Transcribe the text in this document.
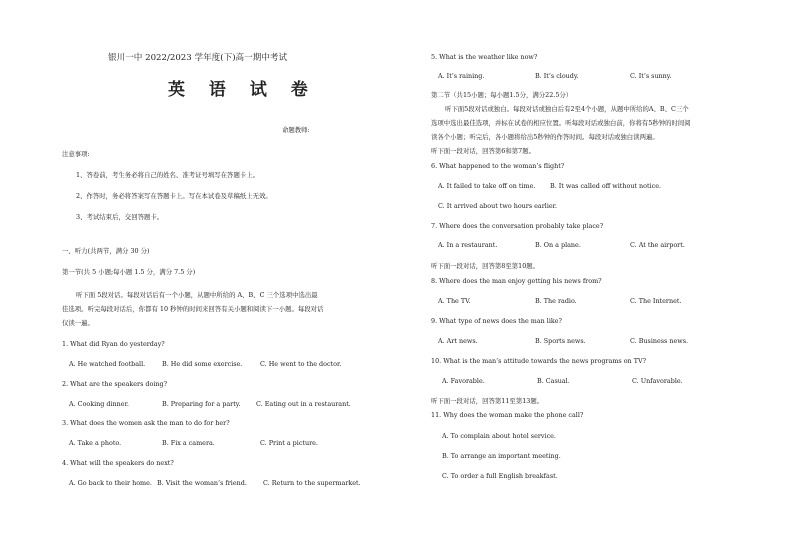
银川一中 2022/2023 学年度(下)高一期中考试
英 语 试 卷
命题教师:
注意事项:
1、答卷前，考生务必将自己的姓名、准考证号填写在答题卡上。
2、作答时，务必将答案写在答题卡上。写在本试卷及草稿纸上无效。
3、考试结束后，交回答题卡。
一、听力(共两节，满分 30 分)
第一节(共 5 小题;每小题 1.5 分，满分 7.5 分)
听下面 5段对话。每段对话后有一个小题，从题中所给的 A、B、C 三个选项中选出最
佳选项。听完每段对话后，你都有 10 秒钟的时间来回答有关小题和阅读下一小题。每段对话
仅读一遍。
1. What did Ryan do yesterday?
A. He watched football.	B. He did some exercise.	C. He went to the doctor.
2. What are the speakers doing?
A. Cooking dinner.	B. Preparing for a party. C. Eating out in a restaurant.
3. What does the women ask the man to do for her?
A. Take a photo.	B. Fix a camera.	C. Print a picture.
4. What will the speakers do next?
A. Go back to their home. B. Visit the woman’s friend.	C. Return to the supermarket.
5. What is the weather like now?
A. It’s raining.	B. It’s cloudy.	C. It’s sunny.
第二节（共15小题；每小题1.5分，满分22.5分）
听下面5段对话或独白。每段对话或独白后有2至4个小题，从题中所给的A、B、C三个
选项中选出最佳选项，并标在试卷的相应位置。听每段对话或独白前，你将有5秒钟的时间阅
读各个小题；听完后，各小题将给出5秒钟的作答时间。每段对话或独白读两遍。
听下面一段对话，回答第6和第7题。
6. What happened to the woman’s flight?
A. It failed to take off on time. B. It was called off without notice.
C. It arrived about two hours earlier.
7. Where does the conversation probably take place?
A. In a restaurant.	B. On a plane.	C. At the airport.
听下面一段对话，回答第8至第10题。
8. Where does the man enjoy getting his news from?
A. The TV.	B. The radio.	C. The Internet.
9. What type of news does the man like?
A. Art news.	B. Sports news.	C. Business news.
10. What is the man’s attitude towards the news programs on TV?
A. Favorable.	B. Casual.	C. Unfavorable.
听下面一段对话，回答第11至第13题。
11. Why does the woman make the phone call?
A. To complain about hotel service.
B. To arrange an important meeting.
C. To order a full English breakfast.
